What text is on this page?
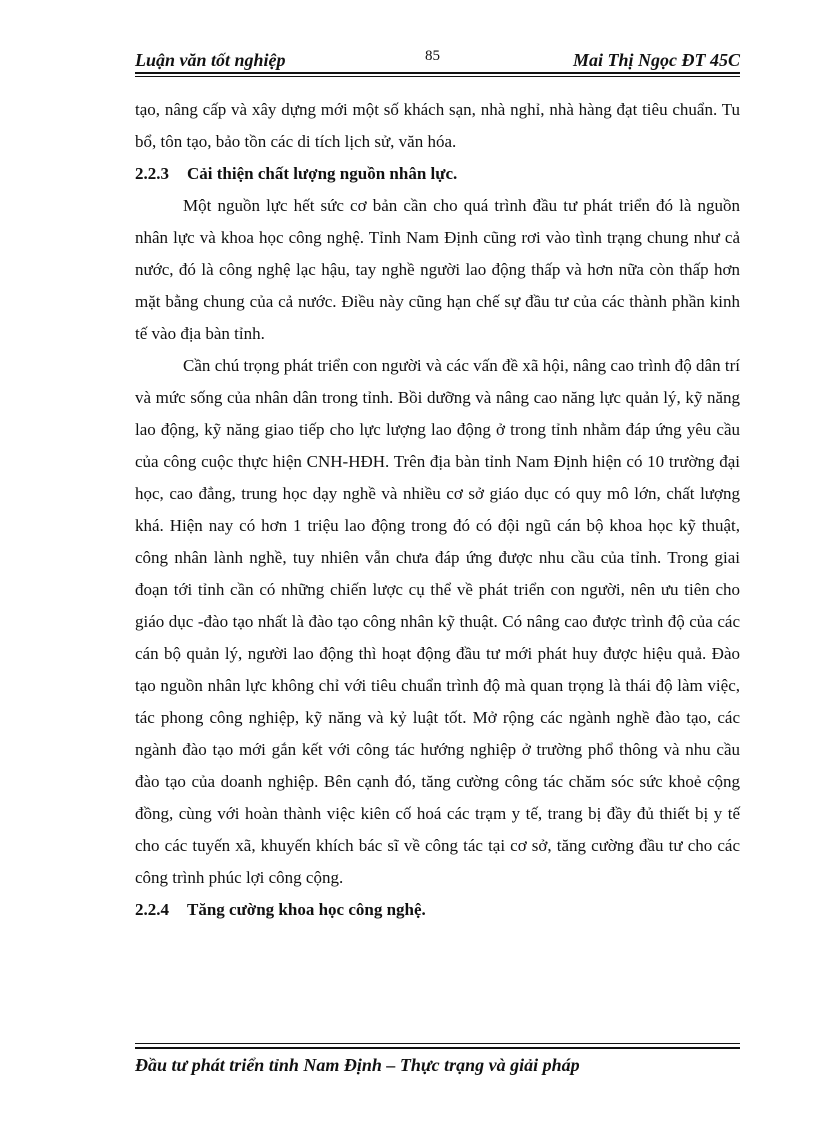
Luận văn tốt nghiệp	85	Mai Thị Ngọc ĐT 45C

tạo, nâng cấp và xây dựng mới một số khách sạn, nhà nghỉ, nhà hàng đạt tiêu chuẩn. Tu bổ, tôn tạo, bảo tồn các di tích lịch sử, văn hóa.

2.2.3 Cải thiện chất lượng nguồn nhân lực.

Một nguồn lực hết sức cơ bản cần cho quá trình đầu tư phát triển đó là nguồn nhân lực và khoa học công nghệ. Tỉnh Nam Định cũng rơi vào tình trạng chung như cả nước, đó là công nghệ lạc hậu, tay nghề người lao động thấp và hơn nữa còn thấp hơn mặt bằng chung của cả nước. Điều này cũng hạn chế sự đầu tư của các thành phần kinh tế vào địa bàn tỉnh.

Cần chú trọng phát triển con người và các vấn đề xã hội, nâng cao trình độ dân trí và mức sống của nhân dân trong tỉnh. Bồi dưỡng và nâng cao năng lực quản lý, kỹ năng lao động, kỹ năng giao tiếp cho lực lượng lao động ở trong tỉnh nhằm đáp ứng yêu cầu của công cuộc thực hiện CNH-HĐH. Trên địa bàn tỉnh Nam Định hiện có 10 trường đại học, cao đẳng, trung học dạy nghề và nhiều cơ sở giáo dục có quy mô lớn, chất lượng khá. Hiện nay có hơn 1 triệu lao động trong đó có đội ngũ cán bộ khoa học kỹ thuật, công nhân lành nghề, tuy nhiên vẫn chưa đáp ứng được nhu cầu của tỉnh. Trong giai đoạn tới tỉnh cần có những chiến lược cụ thể về phát triển con người, nên ưu tiên cho giáo dục -đào tạo nhất là đào tạo công nhân kỹ thuật. Có nâng cao được trình độ của các cán bộ quản lý, người lao động thì hoạt động đầu tư mới phát huy được hiệu quả. Đào tạo nguồn nhân lực không chỉ với tiêu chuẩn trình độ mà quan trọng là thái độ làm việc, tác phong công nghiệp, kỹ năng và kỷ luật tốt. Mở rộng các ngành nghề đào tạo, các ngành đào tạo mới gắn kết với công tác hướng nghiệp ở trường phổ thông và nhu cầu đào tạo của doanh nghiệp. Bên cạnh đó, tăng cường công tác chăm sóc sức khoẻ cộng đồng, cùng với hoàn thành việc kiên cố hoá các trạm y tế, trang bị đầy đủ thiết bị y tế cho các tuyến xã, khuyến khích bác sĩ về công tác tại cơ sở, tăng cường đầu tư cho các công trình phúc lợi công cộng.

2.2.4 Tăng cường khoa học công nghệ.

Đầu tư phát triển tỉnh Nam Định – Thực trạng và giải pháp
